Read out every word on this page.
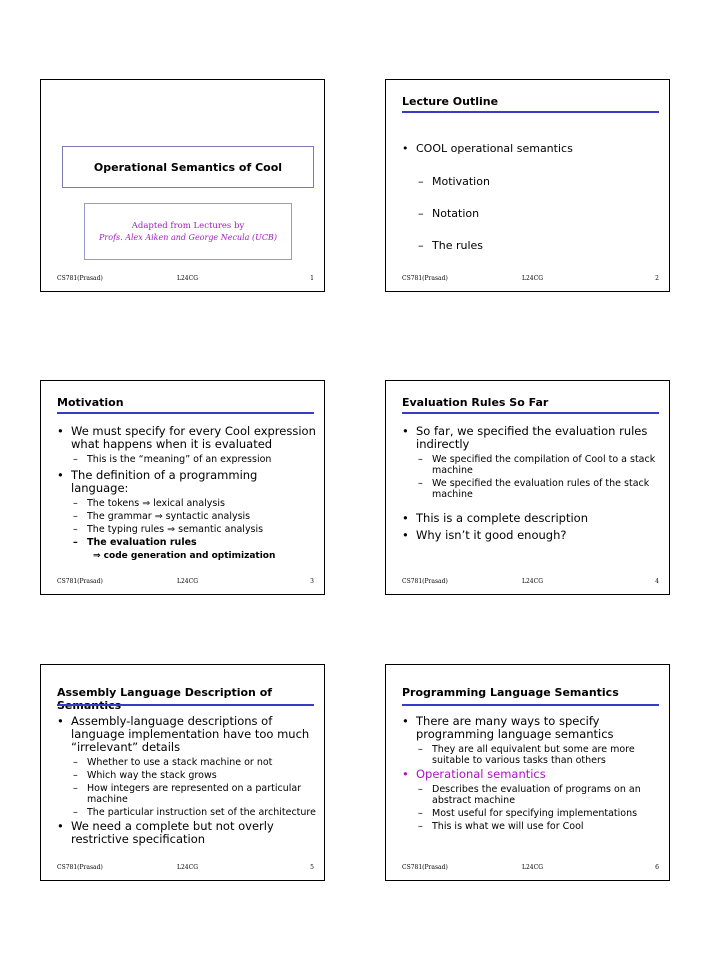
Operational Semantics of Cool
Adapted from Lectures by
Profs. Alex Aiken and George Necula (UCB)
CS781(Prasad)	L24CG	1
Lecture Outline
• COOL operational semantics
– Motivation
– Notation
– The rules
CS781(Prasad)	L24CG	2
Motivation
• We must specify for every Cool expression what happens when it is evaluated
– This is the “meaning” of an expression
• The definition of a programming language:
– The tokens ⇒ lexical analysis
– The grammar ⇒ syntactic analysis
– The typing rules ⇒ semantic analysis
– The evaluation rules
⇒ code generation and optimization
CS781(Prasad)	L24CG	3
Evaluation Rules So Far
• So far, we specified the evaluation rules indirectly
– We specified the compilation of Cool to a stack machine
– We specified the evaluation rules of the stack machine
• This is a complete description
• Why isn’t it good enough?
CS781(Prasad)	L24CG	4
Assembly Language Description of Semantics
• Assembly-language descriptions of language implementation have too much “irrelevant” details
– Whether to use a stack machine or not
– Which way the stack grows
– How integers are represented on a particular machine
– The particular instruction set of the architecture
• We need a complete but not overly restrictive specification
CS781(Prasad)	L24CG	5
Programming Language Semantics
• There are many ways to specify programming language semantics
– They are all equivalent but some are more suitable to various tasks than others
• Operational semantics
– Describes the evaluation of programs on an abstract machine
– Most useful for specifying implementations
– This is what we will use for Cool
CS781(Prasad)	L24CG	6
